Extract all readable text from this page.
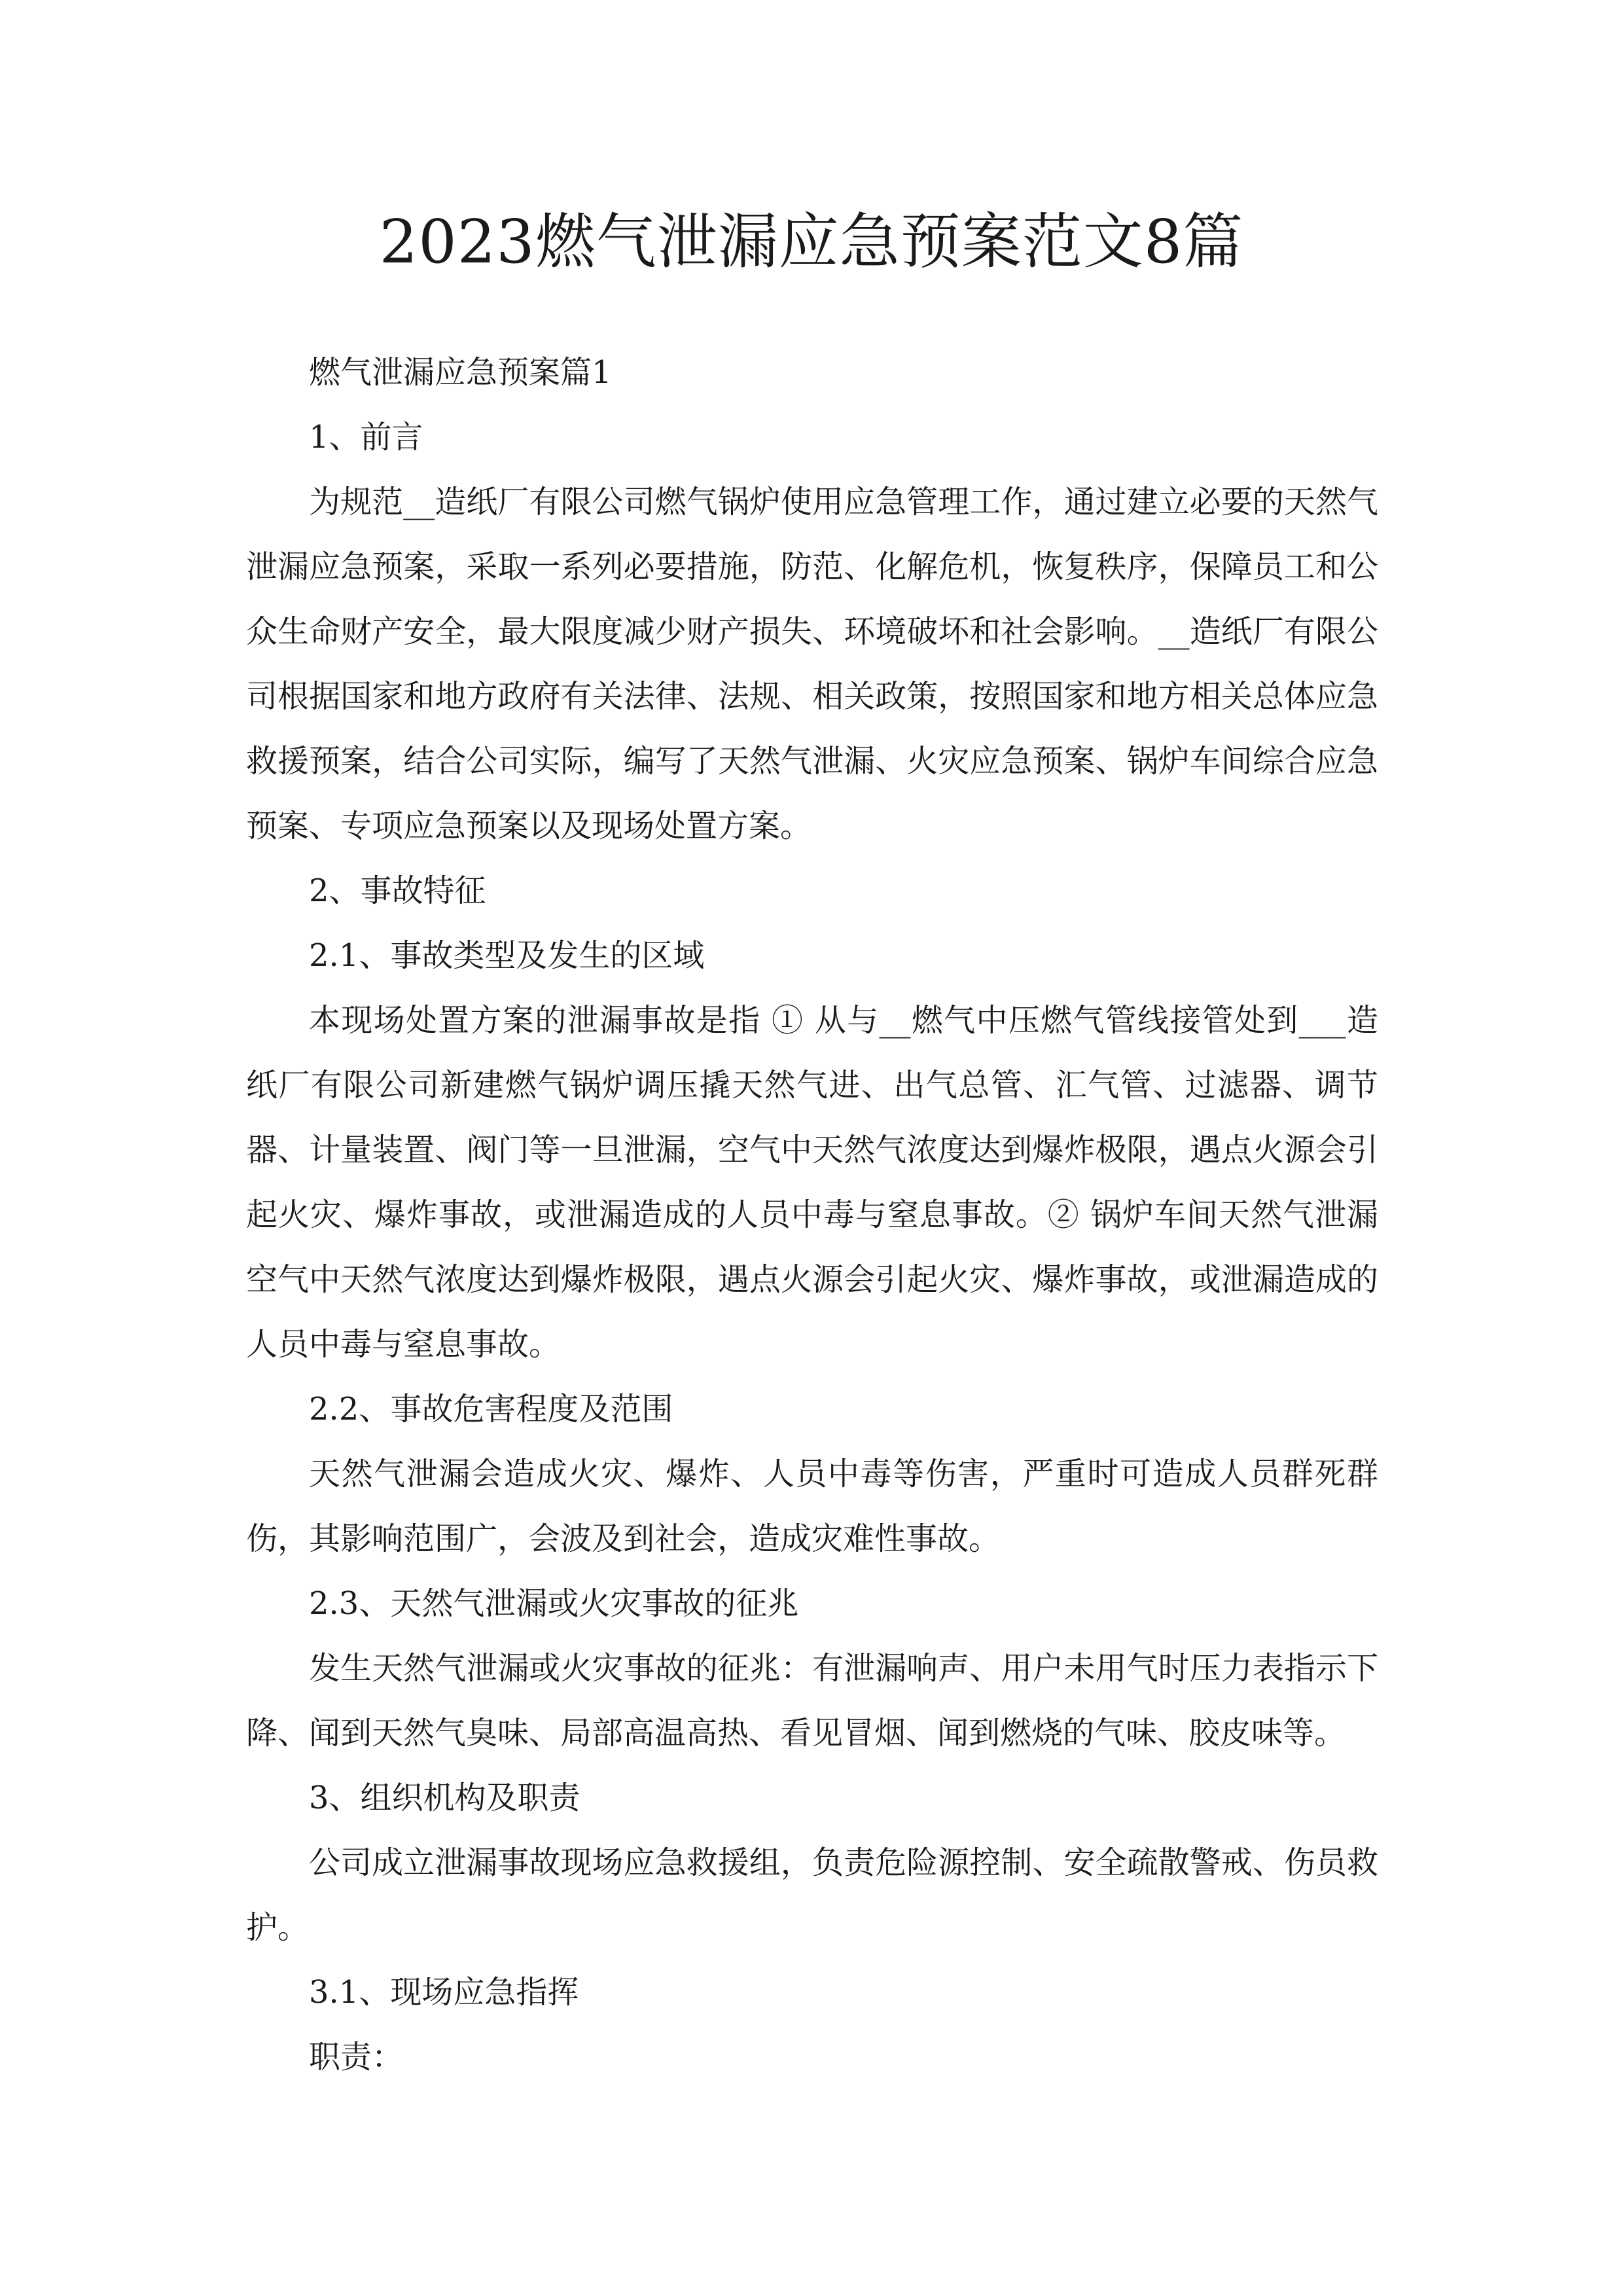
2023燃气泄漏应急预案范文8篇

燃气泄漏应急预案篇1

1、前言

为规范__造纸厂有限公司燃气锅炉使用应急管理工作，通过建立必要的天然气泄漏应急预案，采取一系列必要措施，防范、化解危机，恢复秩序，保障员工和公众生命财产安全，最大限度减少财产损失、环境破坏和社会影响。__造纸厂有限公司根据国家和地方政府有关法律、法规、相关政策，按照国家和地方相关总体应急救援预案，结合公司实际，编写了天然气泄漏、火灾应急预案、锅炉车间综合应急预案、专项应急预案以及现场处置方案。

2、事故特征

2.1、事故类型及发生的区域

本现场处置方案的泄漏事故是指 ① 从与__燃气中压燃气管线接管处到___造纸厂有限公司新建燃气锅炉调压撬天然气进、出气总管、汇气管、过滤器、调节器、计量装置、阀门等一旦泄漏，空气中天然气浓度达到爆炸极限，遇点火源会引起火灾、爆炸事故，或泄漏造成的人员中毒与窒息事故。② 锅炉车间天然气泄漏空气中天然气浓度达到爆炸极限，遇点火源会引起火灾、爆炸事故，或泄漏造成的人员中毒与窒息事故。

2.2、事故危害程度及范围

天然气泄漏会造成火灾、爆炸、人员中毒等伤害，严重时可造成人员群死群伤，其影响范围广，会波及到社会，造成灾难性事故。

2.3、天然气泄漏或火灾事故的征兆

发生天然气泄漏或火灾事故的征兆：有泄漏响声、用户未用气时压力表指示下降、闻到天然气臭味、局部高温高热、看见冒烟、闻到燃烧的气味、胶皮味等。

3、组织机构及职责

公司成立泄漏事故现场应急救援组，负责危险源控制、安全疏散警戒、伤员救护。

3.1、现场应急指挥

职责：
